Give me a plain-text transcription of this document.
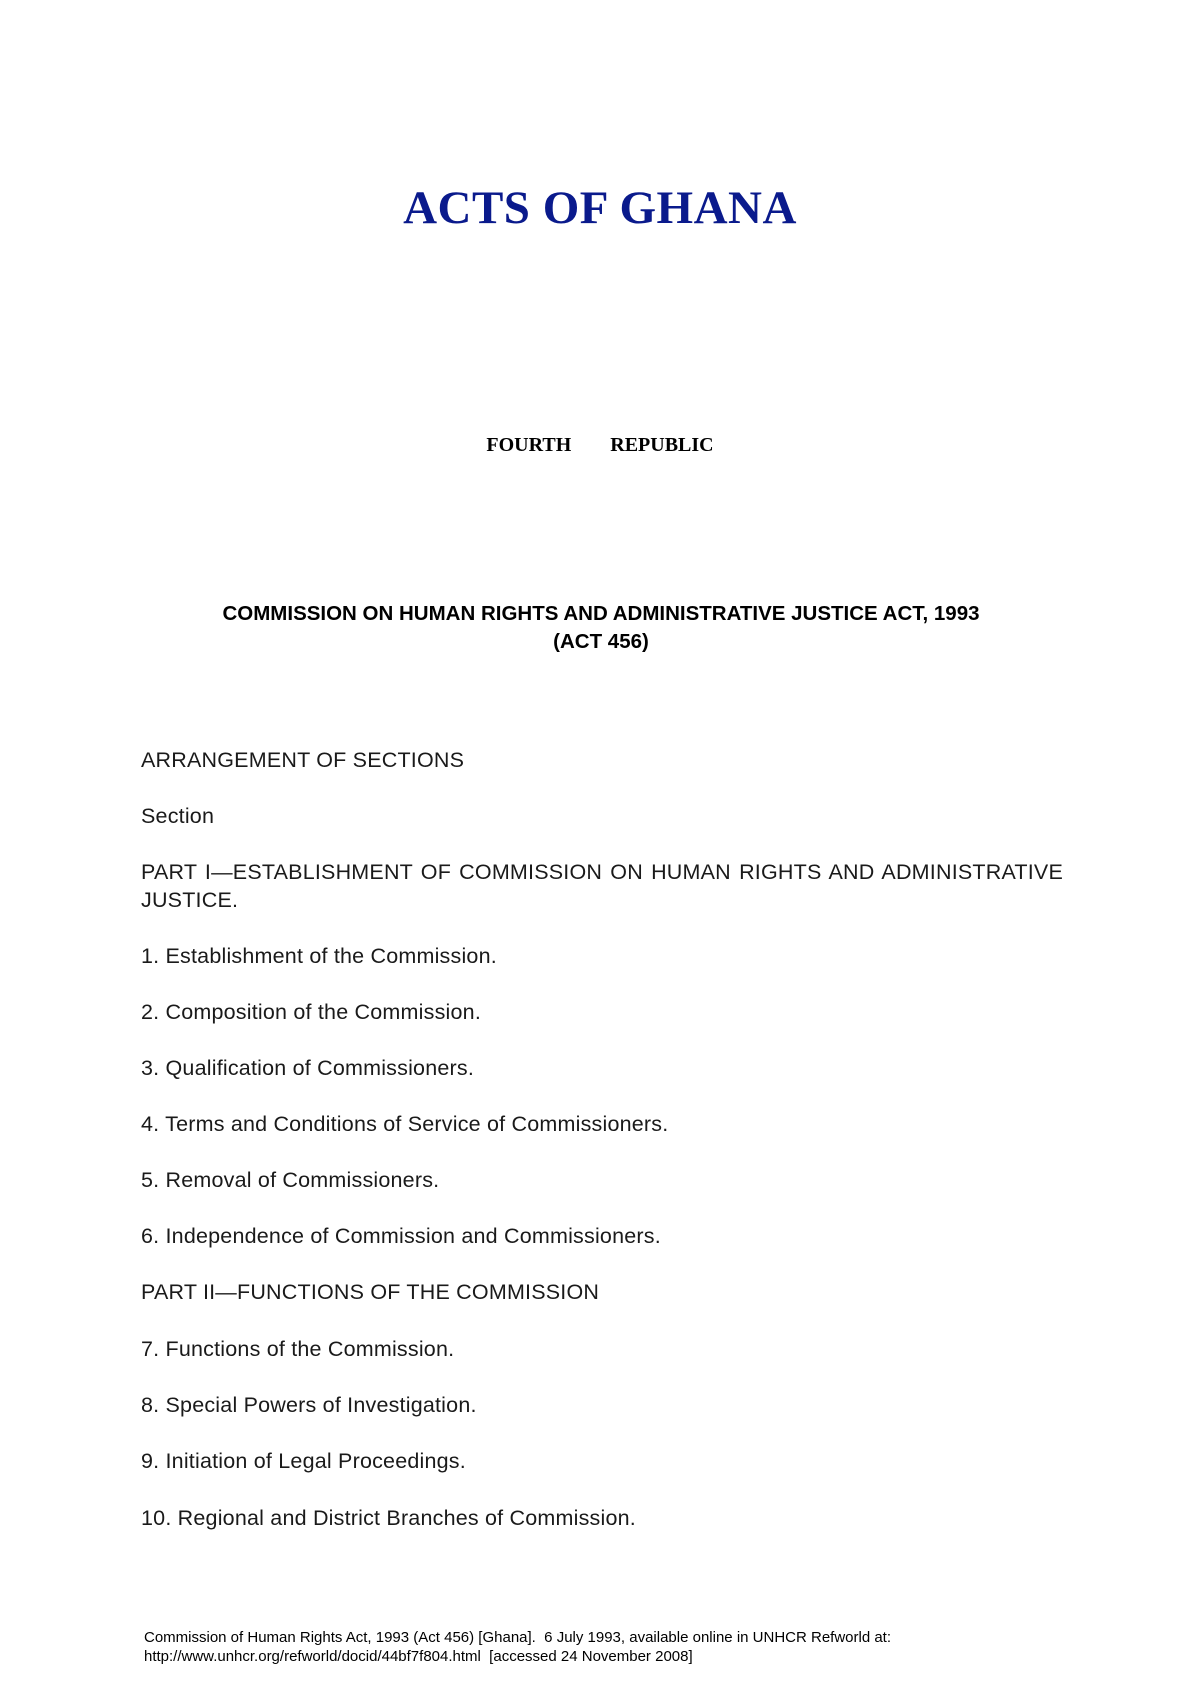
ACTS OF GHANA
FOURTH   REPUBLIC
COMMISSION ON HUMAN RIGHTS AND ADMINISTRATIVE JUSTICE ACT, 1993
(ACT 456)
ARRANGEMENT OF SECTIONS
Section
PART I—ESTABLISHMENT OF COMMISSION ON HUMAN RIGHTS AND ADMINISTRATIVE JUSTICE.
1. Establishment of the Commission.
2. Composition of the Commission.
3. Qualification of Commissioners.
4. Terms and Conditions of Service of Commissioners.
5. Removal of Commissioners.
6. Independence of Commission and Commissioners.
PART II—FUNCTIONS OF THE COMMISSION
7. Functions of the Commission.
8. Special Powers of Investigation.
9. Initiation of Legal Proceedings.
10. Regional and District Branches of Commission.
Commission of Human Rights Act, 1993 (Act 456) [Ghana].  6 July 1993, available online in UNHCR Refworld at:
http://www.unhcr.org/refworld/docid/44bf7f804.html  [accessed 24 November 2008]
